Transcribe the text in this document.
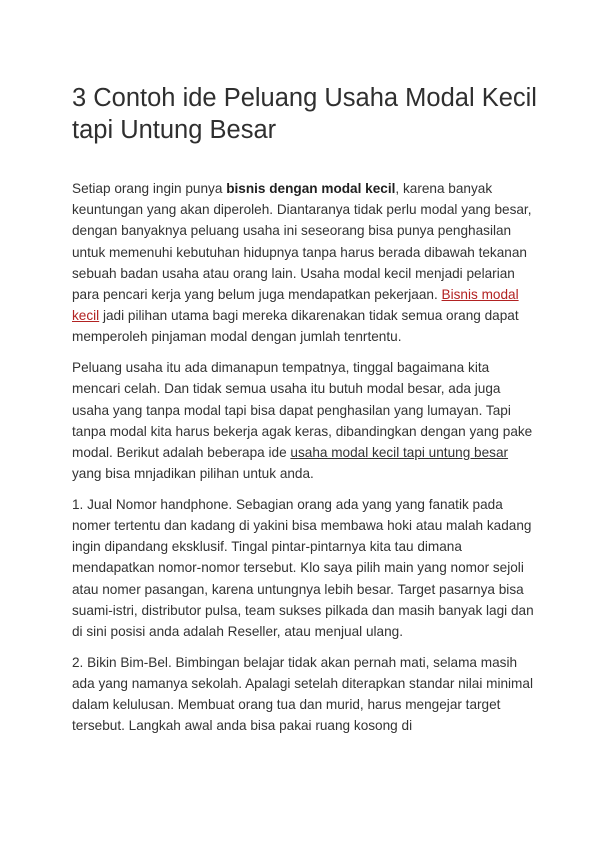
3 Contoh ide Peluang Usaha Modal Kecil tapi Untung Besar

Setiap orang ingin punya bisnis dengan modal kecil, karena banyak keuntungan yang akan diperoleh. Diantaranya tidak perlu modal yang besar, dengan banyaknya peluang usaha ini seseorang bisa punya penghasilan untuk memenuhi kebutuhan hidupnya tanpa harus berada dibawah tekanan sebuah badan usaha atau orang lain. Usaha modal kecil menjadi pelarian para pencari kerja yang belum juga mendapatkan pekerjaan. Bisnis modal kecil jadi pilihan utama bagi mereka dikarenakan tidak semua orang dapat memperoleh pinjaman modal dengan jumlah tenrtentu.

Peluang usaha itu ada dimanapun tempatnya, tinggal bagaimana kita mencari celah. Dan tidak semua usaha itu butuh modal besar, ada juga usaha yang tanpa modal tapi bisa dapat penghasilan yang lumayan. Tapi tanpa modal kita harus bekerja agak keras, dibandingkan dengan yang pake modal. Berikut adalah beberapa ide usaha modal kecil tapi untung besar yang bisa mnjadikan pilihan untuk anda.

1. Jual Nomor handphone. Sebagian orang ada yang yang fanatik pada nomer tertentu dan kadang di yakini bisa membawa hoki atau malah kadang ingin dipandang eksklusif. Tingal pintar-pintarnya kita tau dimana mendapatkan nomor-nomor tersebut. Klo saya pilih main yang nomor sejoli atau nomer pasangan, karena untungnya lebih besar. Target pasarnya bisa suami-istri, distributor pulsa, team sukses pilkada dan masih banyak lagi dan di sini posisi anda adalah Reseller, atau menjual ulang.

2. Bikin Bim-Bel. Bimbingan belajar tidak akan pernah mati, selama masih ada yang namanya sekolah. Apalagi setelah diterapkan standar nilai minimal dalam kelulusan. Membuat orang tua dan murid, harus mengejar target tersebut. Langkah awal anda bisa pakai ruang kosong di
